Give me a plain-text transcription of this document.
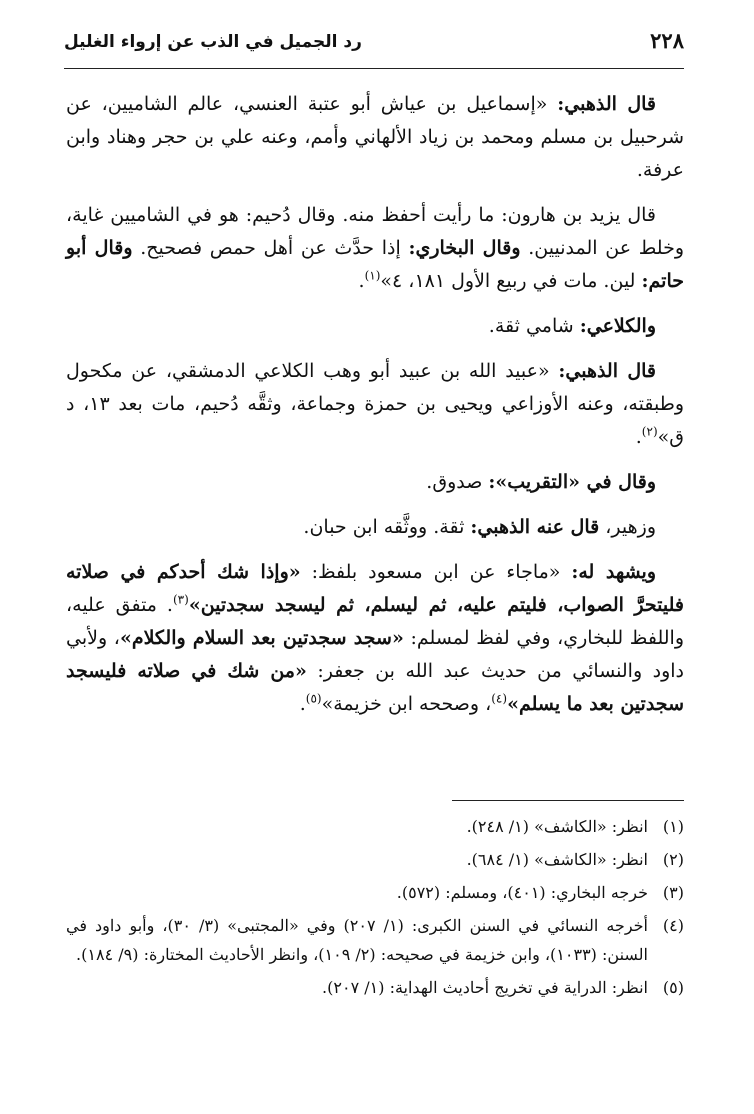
٢٢٨
رد الجميل في الذب عن إرواء الغليل

قال الذهبي: «إسماعيل بن عياش أبو عتبة العنسي، عالم الشاميين، عن شرحبيل بن مسلم ومحمد بن زياد الألهاني وأمم، وعنه علي بن حجر وهناد وابن عرفة.

قال يزيد بن هارون: ما رأيت أحفظ منه. وقال دُحيم: هو في الشاميين غاية، وخلط عن المدنيين. وقال البخاري: إذا حدَّث عن أهل حمص فصحيح. وقال أبو حاتم: لين. مات في ربيع الأول ١٨١، ٤»$^{(١)}$.

والكلاعي: شامي ثقة.

قال الذهبي: «عبيد الله بن عبيد أبو وهب الكلاعي الدمشقي، عن مكحول وطبقته، وعنه الأوزاعي ويحيى بن حمزة وجماعة، وثقَّه دُحيم، مات بعد ١٣، د ق»$^{(٢)}$.

وقال في «التقريب»: صدوق.

وزهير، قال عنه الذهبي: ثقة. ووثَّقه ابن حبان.

ويشهد له: «ماجاء عن ابن مسعود بلفظ: «وإذا شك أحدكم في صلاته فليتحرَّ الصواب، فليتم عليه، ثم ليسلم، ثم ليسجد سجدتين»$^{(٣)}$. متفق عليه، واللفظ للبخاري، وفي لفظ لمسلم: «سجد سجدتين بعد السلام والكلام»، ولأبي داود والنسائي من حديث عبد الله بن جعفر: «من شك في صلاته فليسجد سجدتين بعد ما يسلم»$^{(٤)}$، وصححه ابن خزيمة»$^{(٥)}$.

(١)
انظر: «الكاشف» (١/ ٢٤٨).
(٢)
انظر: «الكاشف» (١/ ٦٨٤).
(٣)
خرجه البخاري: (٤٠١)، ومسلم: (٥٧٢).
(٤)
أخرجه النسائي في السنن الكبرى: (١/ ٢٠٧) وفي «المجتبى» (٣/ ٣٠)، وأبو داود في السنن: (١٠٣٣)، وابن خزيمة في صحيحه: (٢/ ١٠٩)، وانظر الأحاديث المختارة: (٩/ ١٨٤).
(٥)
انظر: الدراية في تخريج أحاديث الهداية: (١/ ٢٠٧).
